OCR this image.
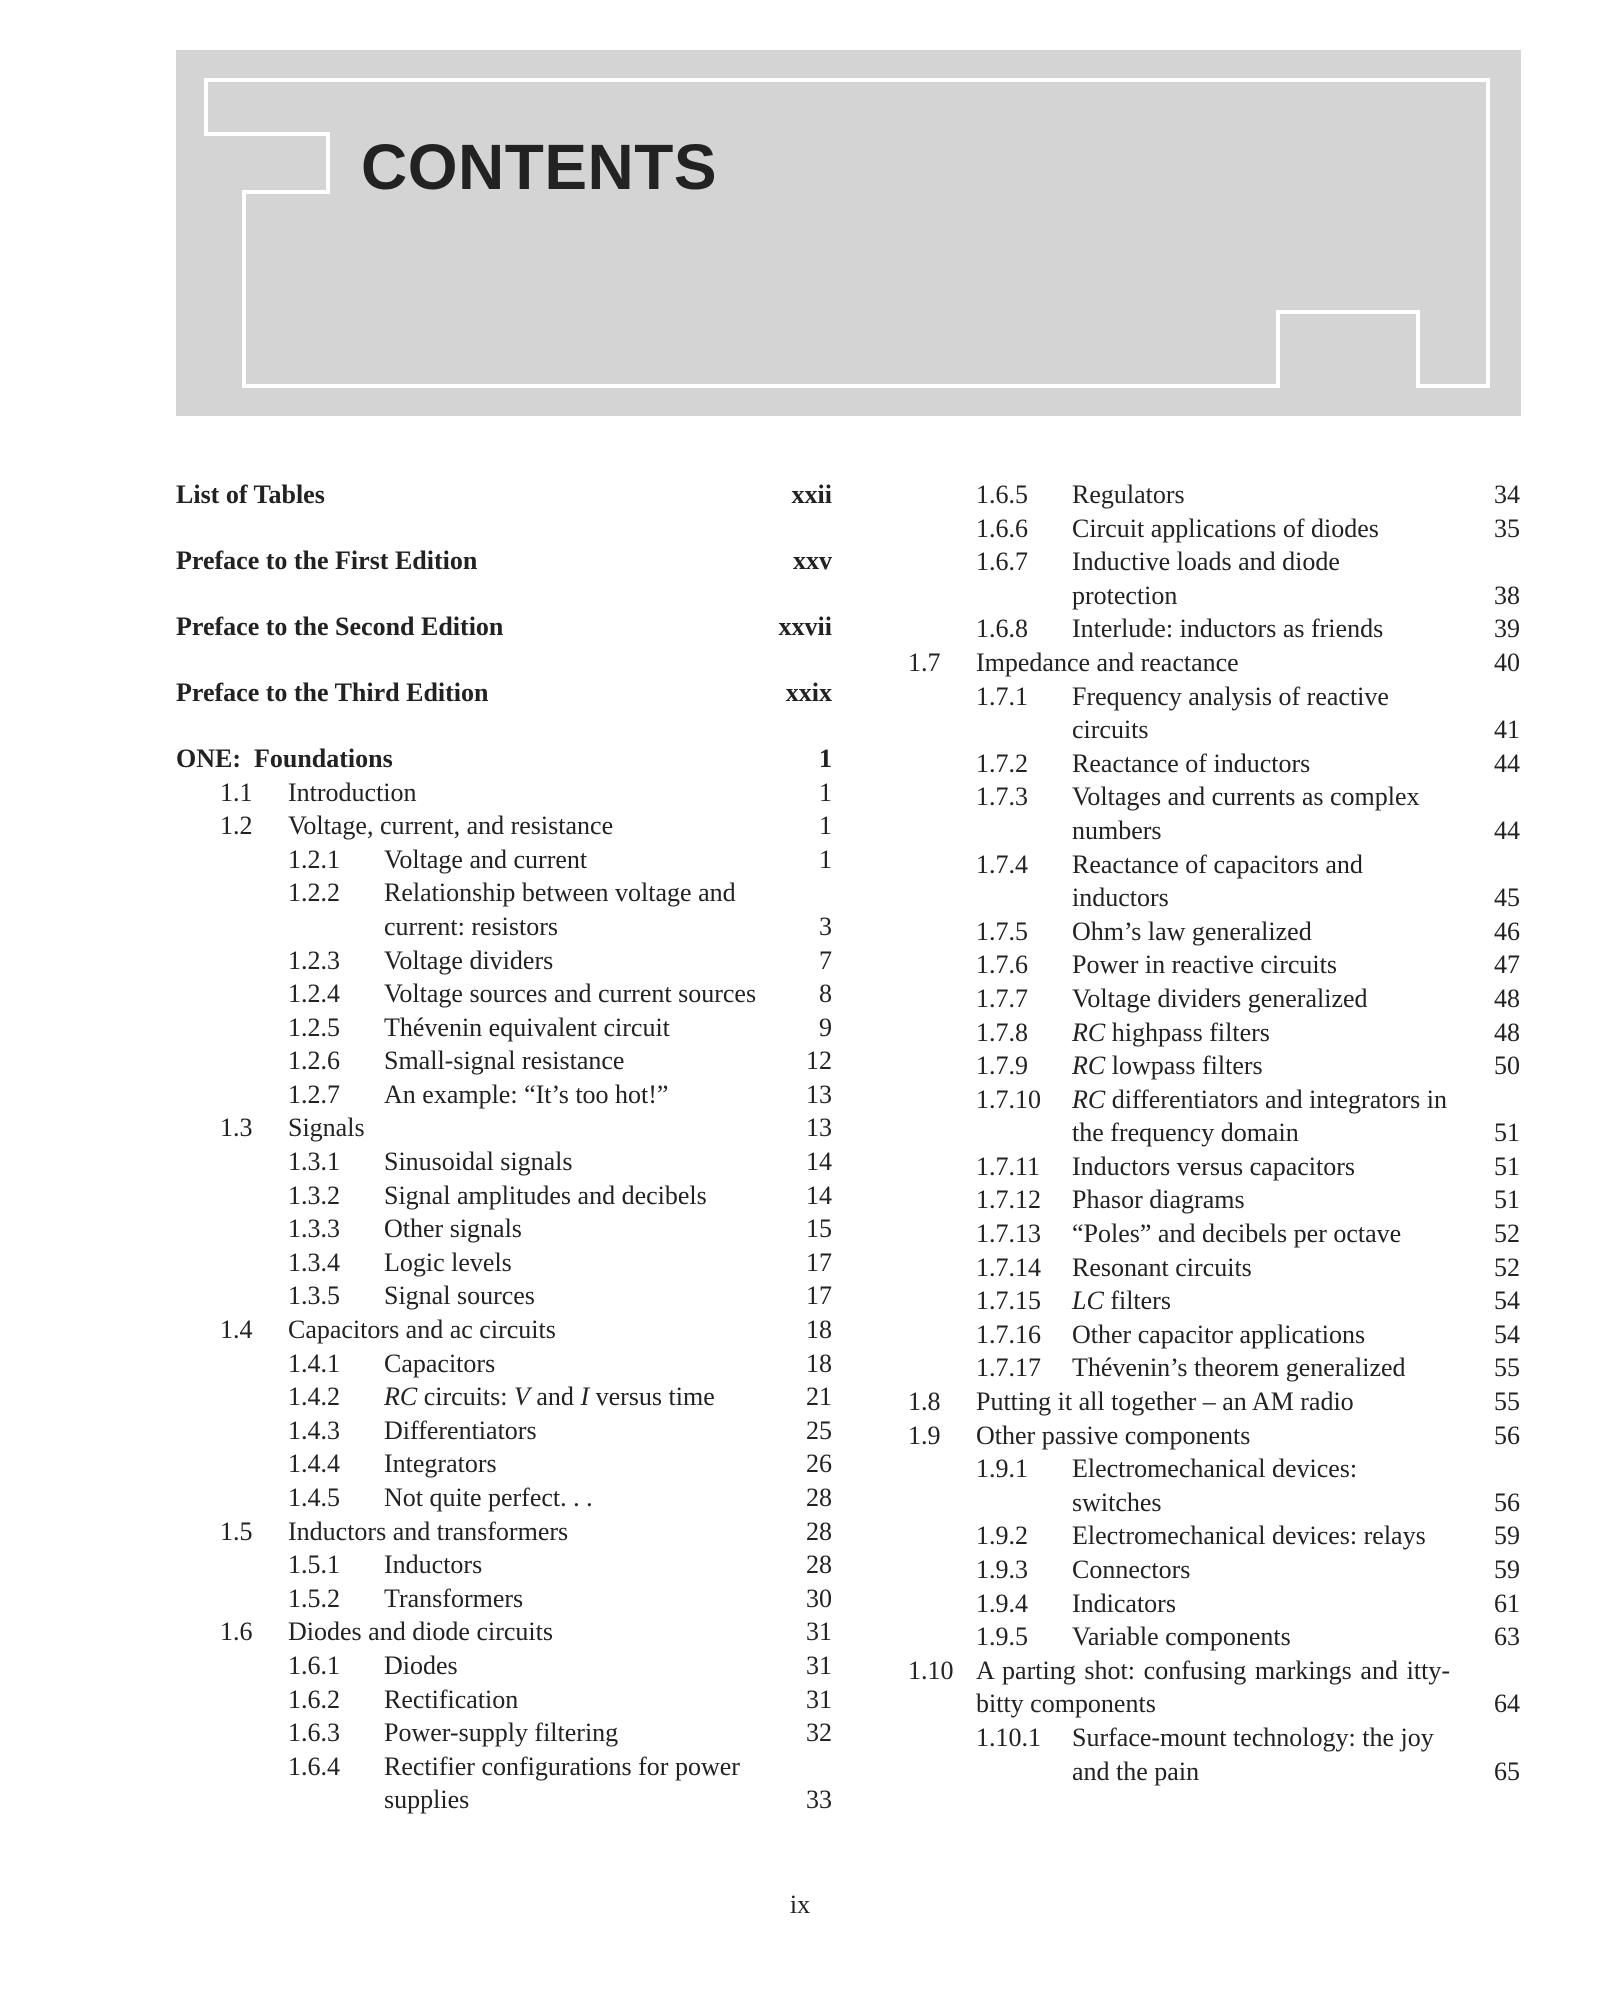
CONTENTS
List of Tables	xxii
Preface to the First Edition	xxv
Preface to the Second Edition	xxvii
Preface to the Third Edition	xxix
ONE:  Foundations	1
1.1 Introduction	1
1.2 Voltage, current, and resistance	1
1.2.1 Voltage and current	1
1.2.2 Relationship between voltage and current: resistors	3
1.2.3 Voltage dividers	7
1.2.4 Voltage sources and current sources	8
1.2.5 Thévenin equivalent circuit	9
1.2.6 Small-signal resistance	12
1.2.7 An example: “It’s too hot!”	13
1.3 Signals	13
1.3.1 Sinusoidal signals	14
1.3.2 Signal amplitudes and decibels	14
1.3.3 Other signals	15
1.3.4 Logic levels	17
1.3.5 Signal sources	17
1.4 Capacitors and ac circuits	18
1.4.1 Capacitors	18
1.4.2 RC circuits: V and I versus time	21
1.4.3 Differentiators	25
1.4.4 Integrators	26
1.4.5 Not quite perfect. . .	28
1.5 Inductors and transformers	28
1.5.1 Inductors	28
1.5.2 Transformers	30
1.6 Diodes and diode circuits	31
1.6.1 Diodes	31
1.6.2 Rectification	31
1.6.3 Power-supply filtering	32
1.6.4 Rectifier configurations for power supplies	33
1.6.5 Regulators	34
1.6.6 Circuit applications of diodes	35
1.6.7 Inductive loads and diode protection	38
1.6.8 Interlude: inductors as friends	39
1.7 Impedance and reactance	40
1.7.1 Frequency analysis of reactive circuits	41
1.7.2 Reactance of inductors	44
1.7.3 Voltages and currents as complex numbers	44
1.7.4 Reactance of capacitors and inductors	45
1.7.5 Ohm’s law generalized	46
1.7.6 Power in reactive circuits	47
1.7.7 Voltage dividers generalized	48
1.7.8 RC highpass filters	48
1.7.9 RC lowpass filters	50
1.7.10 RC differentiators and integrators in the frequency domain	51
1.7.11 Inductors versus capacitors	51
1.7.12 Phasor diagrams	51
1.7.13 “Poles” and decibels per octave	52
1.7.14 Resonant circuits	52
1.7.15 LC filters	54
1.7.16 Other capacitor applications	54
1.7.17 Thévenin’s theorem generalized	55
1.8 Putting it all together – an AM radio	55
1.9 Other passive components	56
1.9.1 Electromechanical devices: switches	56
1.9.2 Electromechanical devices: relays	59
1.9.3 Connectors	59
1.9.4 Indicators	61
1.9.5 Variable components	63
1.10 A parting shot: confusing markings and itty-bitty components	64
1.10.1 Surface-mount technology: the joy and the pain	65
ix
